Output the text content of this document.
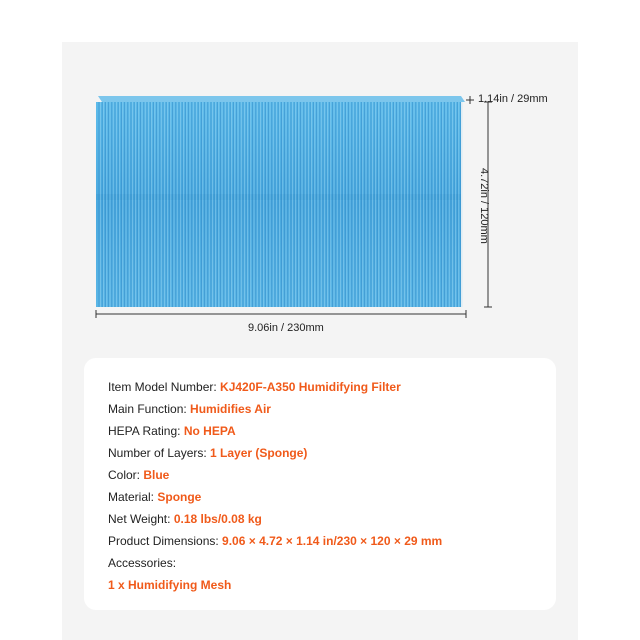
1.14in / 29mm
4.72in / 120mm
9.06in / 230mm
Item Model Number: KJ420F-A350 Humidifying Filter
Main Function: Humidifies Air
HEPA Rating: No HEPA
Number of Layers: 1 Layer (Sponge)
Color: Blue
Material: Sponge
Net Weight: 0.18 lbs/0.08 kg
Product Dimensions: 9.06 × 4.72 × 1.14 in/230 × 120 × 29 mm
Accessories:
1 x Humidifying Mesh
